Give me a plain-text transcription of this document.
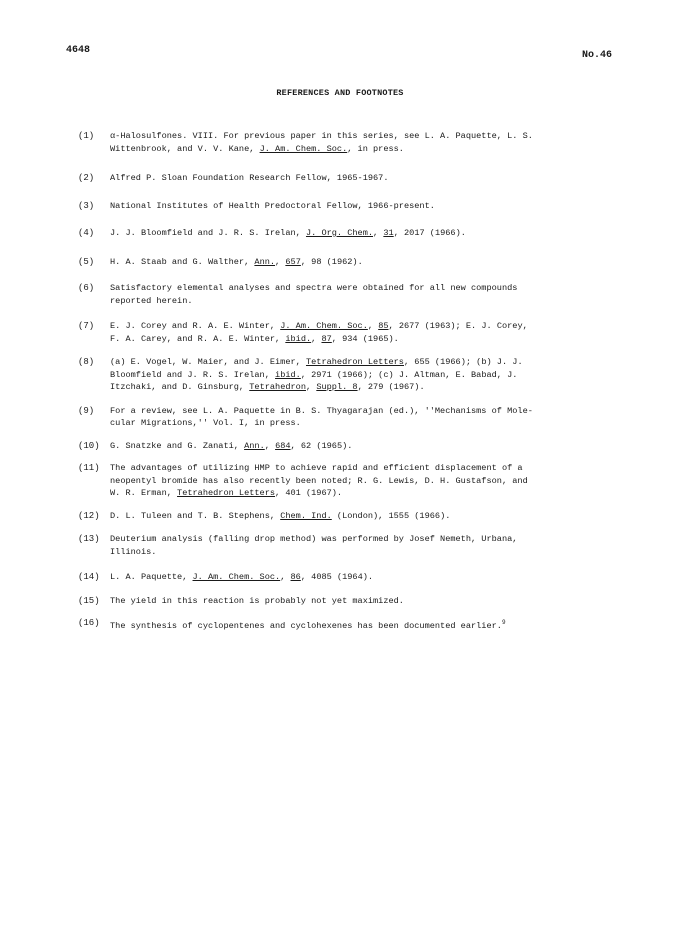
4648	No.46
REFERENCES AND FOOTNOTES
(1)	α-Halosulfones. VIII. For previous paper in this series, see L. A. Paquette, L. S.
Wittenbrook, and V. V. Kane, J. Am. Chem. Soc., in press.
(2)	Alfred P. Sloan Foundation Research Fellow, 1965-1967.
(3)	National Institutes of Health Predoctoral Fellow, 1966-present.
(4)	J. J. Bloomfield and J. R. S. Irelan, J. Org. Chem., 31, 2017 (1966).
(5)	H. A. Staab and G. Walther, Ann., 657, 98 (1962).
(6)	Satisfactory elemental analyses and spectra were obtained for all new compounds
reported herein.
(7)	E. J. Corey and R. A. E. Winter, J. Am. Chem. Soc., 85, 2677 (1963); E. J. Corey,
F. A. Carey, and R. A. E. Winter, ibid., 87, 934 (1965).
(8)	(a) E. Vogel, W. Maier, and J. Eimer, Tetrahedron Letters, 655 (1966); (b) J. J.
Bloomfield and J. R. S. Irelan, ibid., 2971 (1966); (c) J. Altman, E. Babad, J.
Itzchaki, and D. Ginsburg, Tetrahedron, Suppl. 8, 279 (1967).
(9)	For a review, see L. A. Paquette in B. S. Thyagarajan (ed.), ''Mechanisms of Mole-
cular Migrations,'' Vol. I, in press.
(10)	G. Snatzke and G. Zanati, Ann., 684, 62 (1965).
(11)	The advantages of utilizing HMP to achieve rapid and efficient displacement of a
neopentyl bromide has also recently been noted; R. G. Lewis, D. H. Gustafson, and
W. R. Erman, Tetrahedron Letters, 401 (1967).
(12)	D. L. Tuleen and T. B. Stephens, Chem. Ind. (London), 1555 (1966).
(13)	Deuterium analysis (falling drop method) was performed by Josef Nemeth, Urbana,
Illinois.
(14)	L. A. Paquette, J. Am. Chem. Soc., 86, 4085 (1964).
(15)	The yield in this reaction is probably not yet maximized.
(16)	The synthesis of cyclopentenes and cyclohexenes has been documented earlier.$^9$
